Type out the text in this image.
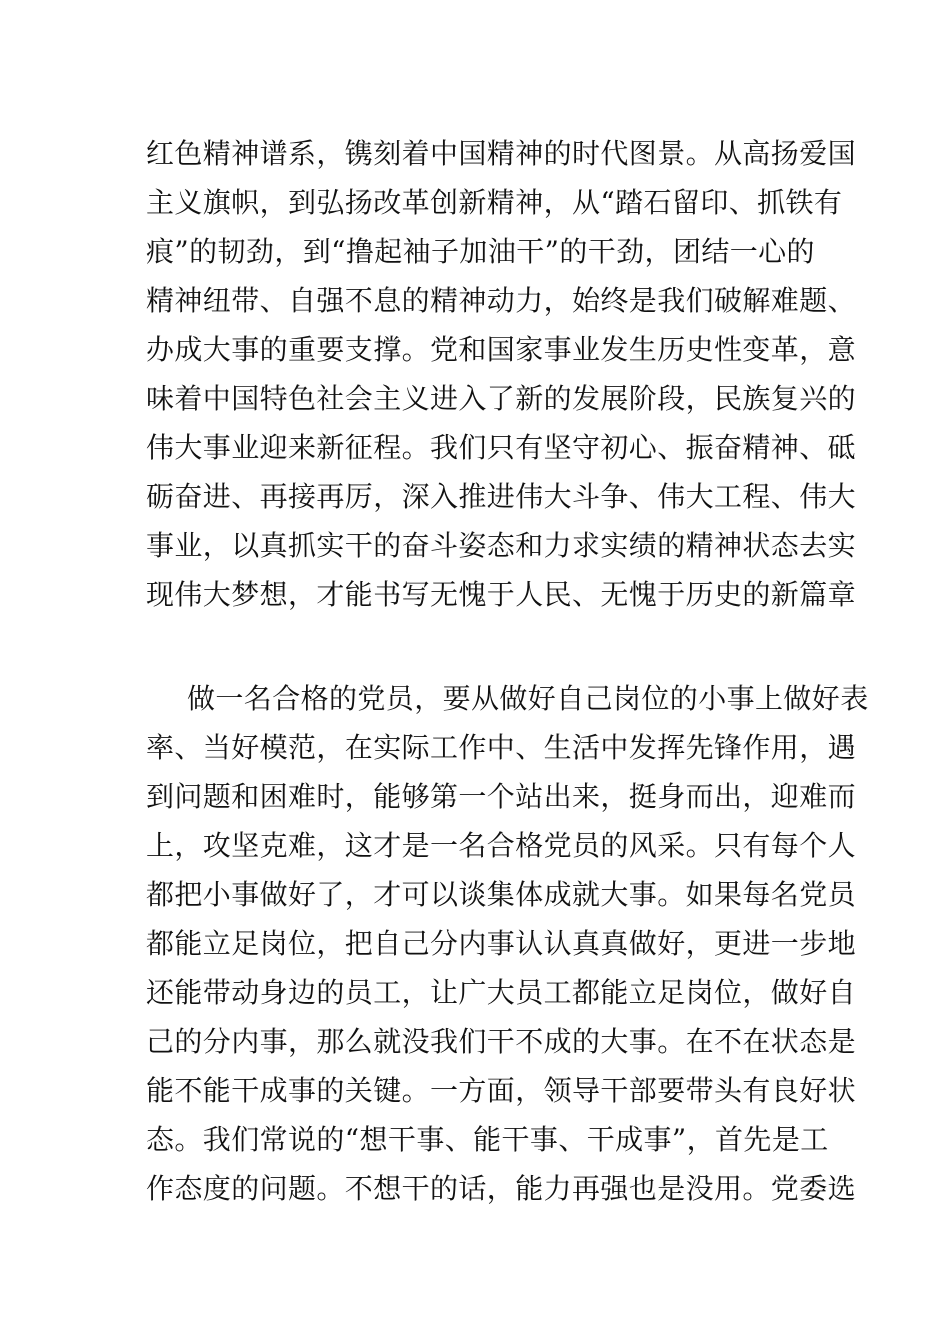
红色精神谱系，镌刻着中国精神的时代图景。从高扬爱国
主义旗帜，到弘扬改革创新精神，从“踏石留印、抓铁有
痕”的韧劲，到“撸起袖子加油干”的干劲，团结一心的
精神纽带、自强不息的精神动力，始终是我们破解难题、
办成大事的重要支撑。党和国家事业发生历史性变革，意
味着中国特色社会主义进入了新的发展阶段，民族复兴的
伟大事业迎来新征程。我们只有坚守初心、振奋精神、砥
砺奋进、再接再厉，深入推进伟大斗争、伟大工程、伟大
事业，以真抓实干的奋斗姿态和力求实绩的精神状态去实
现伟大梦想，才能书写无愧于人民、无愧于历史的新篇章

做一名合格的党员，要从做好自己岗位的小事上做好表
率、当好模范，在实际工作中、生活中发挥先锋作用，遇
到问题和困难时，能够第一个站出来，挺身而出，迎难而
上，攻坚克难，这才是一名合格党员的风采。只有每个人
都把小事做好了，才可以谈集体成就大事。如果每名党员
都能立足岗位，把自己分内事认认真真做好，更进一步地
还能带动身边的员工，让广大员工都能立足岗位，做好自
己的分内事，那么就没我们干不成的大事。在不在状态是
能不能干成事的关键。一方面，领导干部要带头有良好状
态。我们常说的“想干事、能干事、干成事”，首先是工
作态度的问题。不想干的话，能力再强也是没用。党委选
